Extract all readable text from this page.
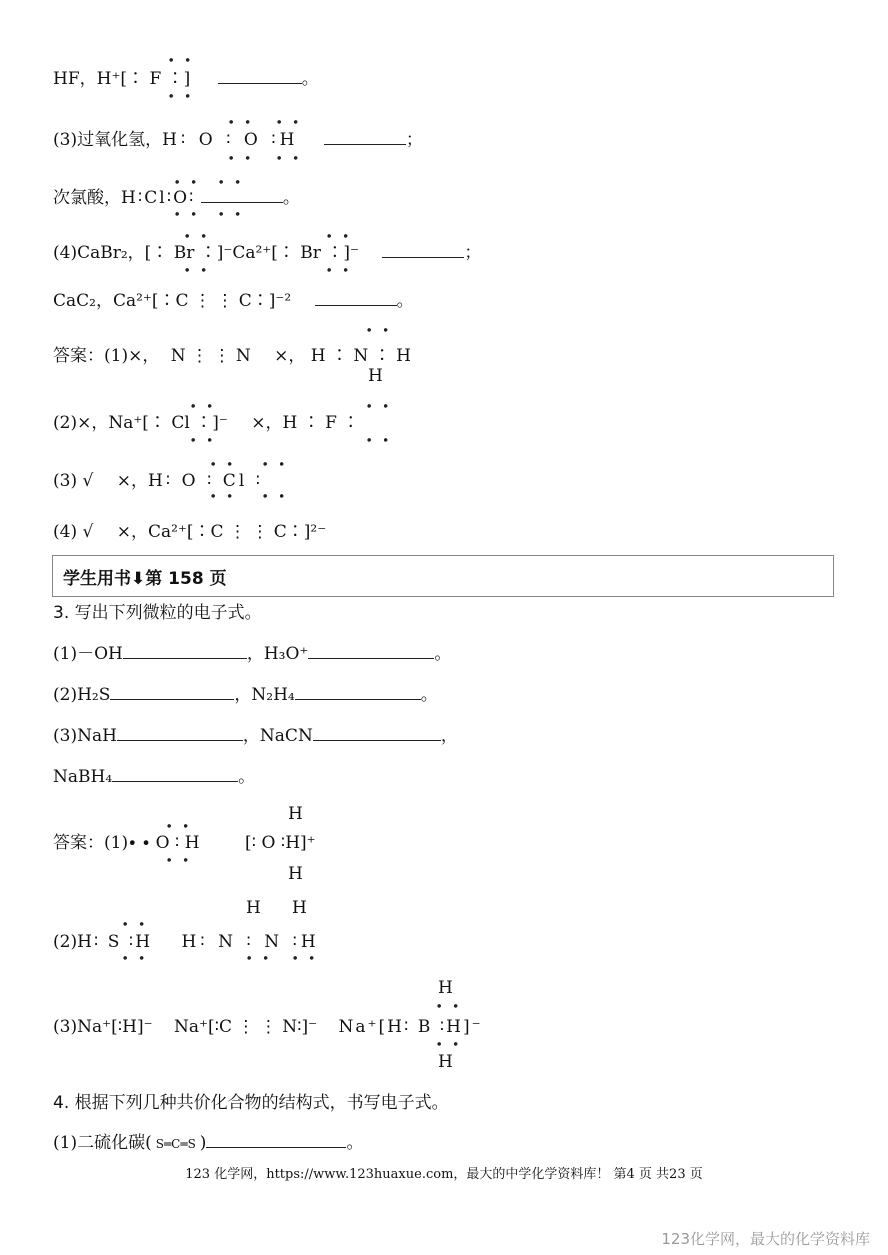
HF，H⁺[∶ F ∶]	。
∙ ∙
∙ ∙
(3)过氧化氢，H∶ O ∶ O ∶H	；
∙ ∙ ∙ ∙
∙ ∙ ∙ ∙
次氯酸，H∶Cl∶O∶	。
∙ ∙ ∙ ∙
∙ ∙ ∙ ∙
(4)CaBr₂，[∶ Br ∶]⁻Ca²⁺[∶ Br ∶]⁻	；
∙ ∙	∙ ∙
∙ ∙	∙ ∙
CaC₂，Ca²⁺[∶C ⋮ ⋮ C∶]⁻²	。
答案：(1)×， N ⋮ ⋮ N ×， H ∶ N ∶ H
∙ ∙
H
(2)×，Na⁺[∶ Cl ∶]⁻ ×，H ∶ F ∶
∙ ∙
∙ ∙
∙ ∙
∙ ∙
(3) √ ×，H∶ O ∶ Cl ∶
∙ ∙ ∙ ∙
∙ ∙ ∙ ∙
(4) √ ×，Ca²⁺[∶C ⋮ ⋮ C∶]²⁻
学生用书⬇第 158 页
3. 写出下列微粒的电子式。
(1)－OH	，H₃O⁺	。
(2)H₂S	，N₂H₄	。
(3)NaH	，NaCN	，
NaBH₄	。
答案：(1)∙ ∙ O ∶ H	[∶ O ∶H]⁺
∙ ∙
∙ ∙
H
H
(2)H∶ S ∶H H∶ N ∶ N ∶H
∙ ∙
∙ ∙
H H
∙ ∙ ∙ ∙
(3)Na⁺[∶H]⁻ Na⁺[∶C ⋮ ⋮ N∶]⁻ Na⁺[H∶ B ∶H]⁻
H
∙ ∙
∙ ∙
H
4. 根据下列几种共价化合物的结构式，书写电子式。
(1)二硫化碳( S═C═S )	。
123 化学网，https://www.123huaxue.com，最大的中学化学资料库！ 第4 页 共23 页
123化学网，最大的化学资料库
